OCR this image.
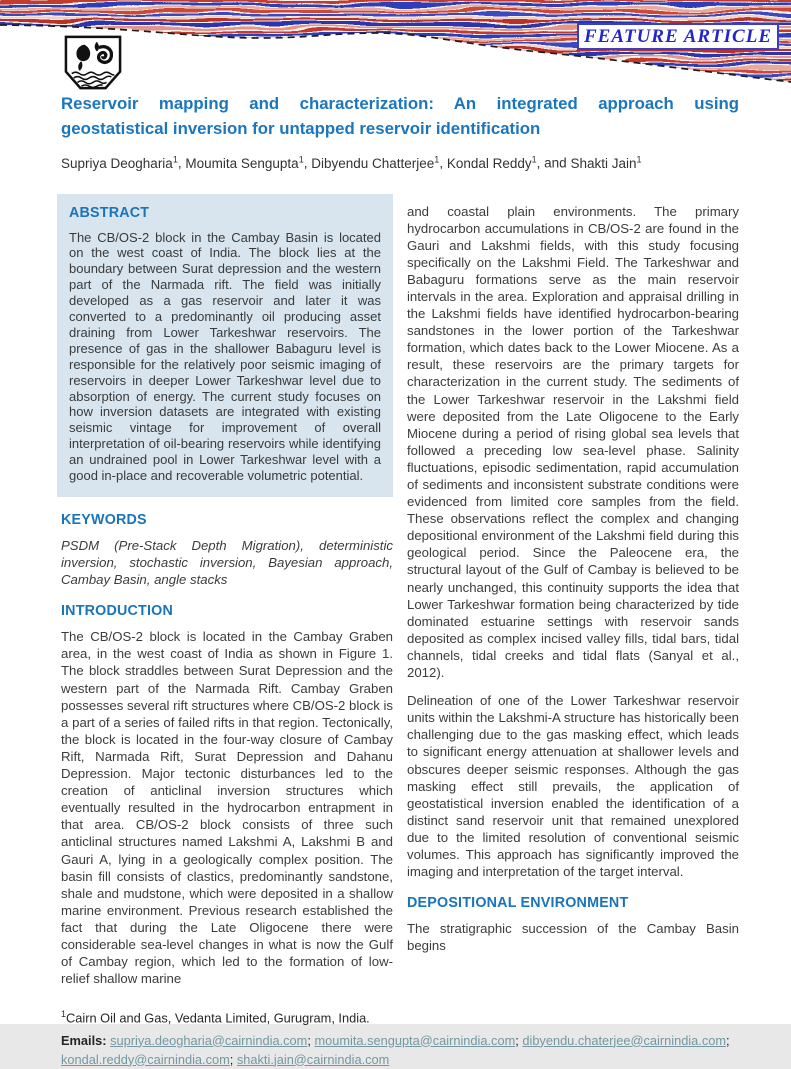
FEATURE ARTICLE
Reservoir mapping and characterization: An integrated approach using geostatistical inversion for untapped reservoir identification
Supriya Deogharia$^1$, Moumita Sengupta$^1$, Dibyendu Chatterjee$^1$, Kondal Reddy$^1$, and Shakti Jain$^1$
ABSTRACT

The CB/OS-2 block in the Cambay Basin is located on the west coast of India. The block lies at the boundary between Surat depression and the western part of the Narmada rift. The field was initially developed as a gas reservoir and later it was converted to a predominantly oil producing asset draining from Lower Tarkeshwar reservoirs. The presence of gas in the shallower Babaguru level is responsible for the relatively poor seismic imaging of reservoirs in deeper Lower Tarkeshwar level due to absorption of energy. The current study focuses on how inversion datasets are integrated with existing seismic vintage for improvement of overall interpretation of oil-bearing reservoirs while identifying an undrained pool in Lower Tarkeshwar level with a good in-place and recoverable volumetric potential.

KEYWORDS

PSDM (Pre-Stack Depth Migration), deterministic inversion, stochastic inversion, Bayesian approach, Cambay Basin, angle stacks

INTRODUCTION

The CB/OS-2 block is located in the Cambay Graben area, in the west coast of India as shown in Figure 1. The block straddles between Surat Depression and the western part of the Narmada Rift. Cambay Graben possesses several rift structures where CB/OS-2 block is a part of a series of failed rifts in that region. Tectonically, the block is located in the four-way closure of Cambay Rift, Narmada Rift, Surat Depression and Dahanu Depression. Major tectonic disturbances led to the creation of anticlinal inversion structures which eventually resulted in the hydrocarbon entrapment in that area. CB/OS-2 block consists of three such anticlinal structures named Lakshmi A, Lakshmi B and Gauri A, lying in a geologically complex position. The basin fill consists of clastics, predominantly sandstone, shale and mudstone, which were deposited in a shallow marine environment. Previous research established the fact that during the Late Oligocene there were considerable sea-level changes in what is now the Gulf of Cambay region, which led to the formation of low-relief shallow marine

and coastal plain environments. The primary hydrocarbon accumulations in CB/OS-2 are found in the Gauri and Lakshmi fields, with this study focusing specifically on the Lakshmi Field. The Tarkeshwar and Babaguru formations serve as the main reservoir intervals in the area. Exploration and appraisal drilling in the Lakshmi fields have identified hydrocarbon-bearing sandstones in the lower portion of the Tarkeshwar formation, which dates back to the Lower Miocene. As a result, these reservoirs are the primary targets for characterization in the current study. The sediments of the Lower Tarkeshwar reservoir in the Lakshmi field were deposited from the Late Oligocene to the Early Miocene during a period of rising global sea levels that followed a preceding low sea-level phase. Salinity fluctuations, episodic sedimentation, rapid accumulation of sediments and inconsistent substrate conditions were evidenced from limited core samples from the field. These observations reflect the complex and changing depositional environment of the Lakshmi field during this geological period. Since the Paleocene era, the structural layout of the Gulf of Cambay is believed to be nearly unchanged, this continuity supports the idea that Lower Tarkeshwar formation being characterized by tide dominated estuarine settings with reservoir sands deposited as complex incised valley fills, tidal bars, tidal channels, tidal creeks and tidal flats (Sanyal et al., 2012).

Delineation of one of the Lower Tarkeshwar reservoir units within the Lakshmi-A structure has historically been challenging due to the gas masking effect, which leads to significant energy attenuation at shallower levels and obscures deeper seismic responses. Although the gas masking effect still prevails, the application of geostatistical inversion enabled the identification of a distinct sand reservoir unit that remained unexplored due to the limited resolution of conventional seismic volumes. This approach has significantly improved the imaging and interpretation of the target interval.

DEPOSITIONAL ENVIRONMENT

The stratigraphic succession of the Cambay Basin begins

$^1$Cairn Oil and Gas, Vedanta Limited, Gurugram, India.

Emails: supriya.deogharia@cairnindia.com; moumita.sengupta@cairnindia.com; dibyendu.chaterjee@cairnindia.com; kondal.reddy@cairnindia.com; shakti.jain@cairnindia.com
